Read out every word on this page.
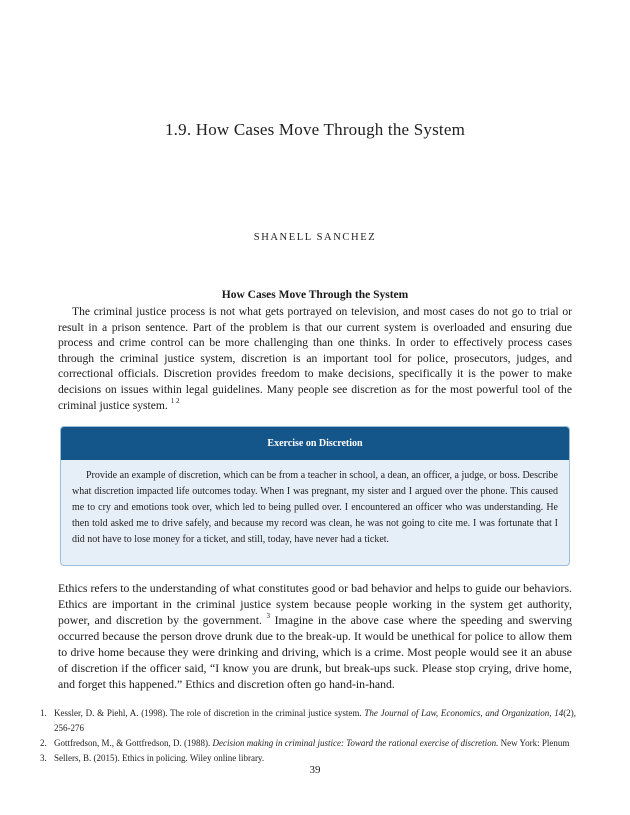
1.9. How Cases Move Through the System
SHANELL SANCHEZ
How Cases Move Through the System

The criminal justice process is not what gets portrayed on television, and most cases do not go to trial or result in a prison sentence. Part of the problem is that our current system is overloaded and ensuring due process and crime control can be more challenging than one thinks. In order to effectively process cases through the criminal justice system, discretion is an important tool for police, prosecutors, judges, and correctional officials. Discretion provides freedom to make decisions, specifically it is the power to make decisions on issues within legal guidelines. Many people see discretion as for the most powerful tool of the criminal justice system. $^{1 2}$

Exercise on Discretion

Provide an example of discretion, which can be from a teacher in school, a dean, an officer, a judge, or boss. Describe what discretion impacted life outcomes today. When I was pregnant, my sister and I argued over the phone. This caused me to cry and emotions took over, which led to being pulled over. I encountered an officer who was understanding. He then told asked me to drive safely, and because my record was clean, he was not going to cite me. I was fortunate that I did not have to lose money for a ticket, and still, today, have never had a ticket.

Ethics refers to the understanding of what constitutes good or bad behavior and helps to guide our behaviors. Ethics are important in the criminal justice system because people working in the system get authority, power, and discretion by the government. $^3$ Imagine in the above case where the speeding and swerving occurred because the person drove drunk due to the break-up. It would be unethical for police to allow them to drive home because they were drinking and driving, which is a crime. Most people would see it an abuse of discretion if the officer said, “I know you are drunk, but break-ups suck. Please stop crying, drive home, and forget this happened.” Ethics and discretion often go hand-in-hand.

1. Kessler, D. & Piehl, A. (1998). The role of discretion in the criminal justice system. The Journal of Law, Economics, and Organization, 14(2), 256-276
2. Gottfredson, M., & Gottfredson, D. (1988). Decision making in criminal justice: Toward the rational exercise of discretion. New York: Plenum
3. Sellers, B. (2015). Ethics in policing. Wiley online library.
39
